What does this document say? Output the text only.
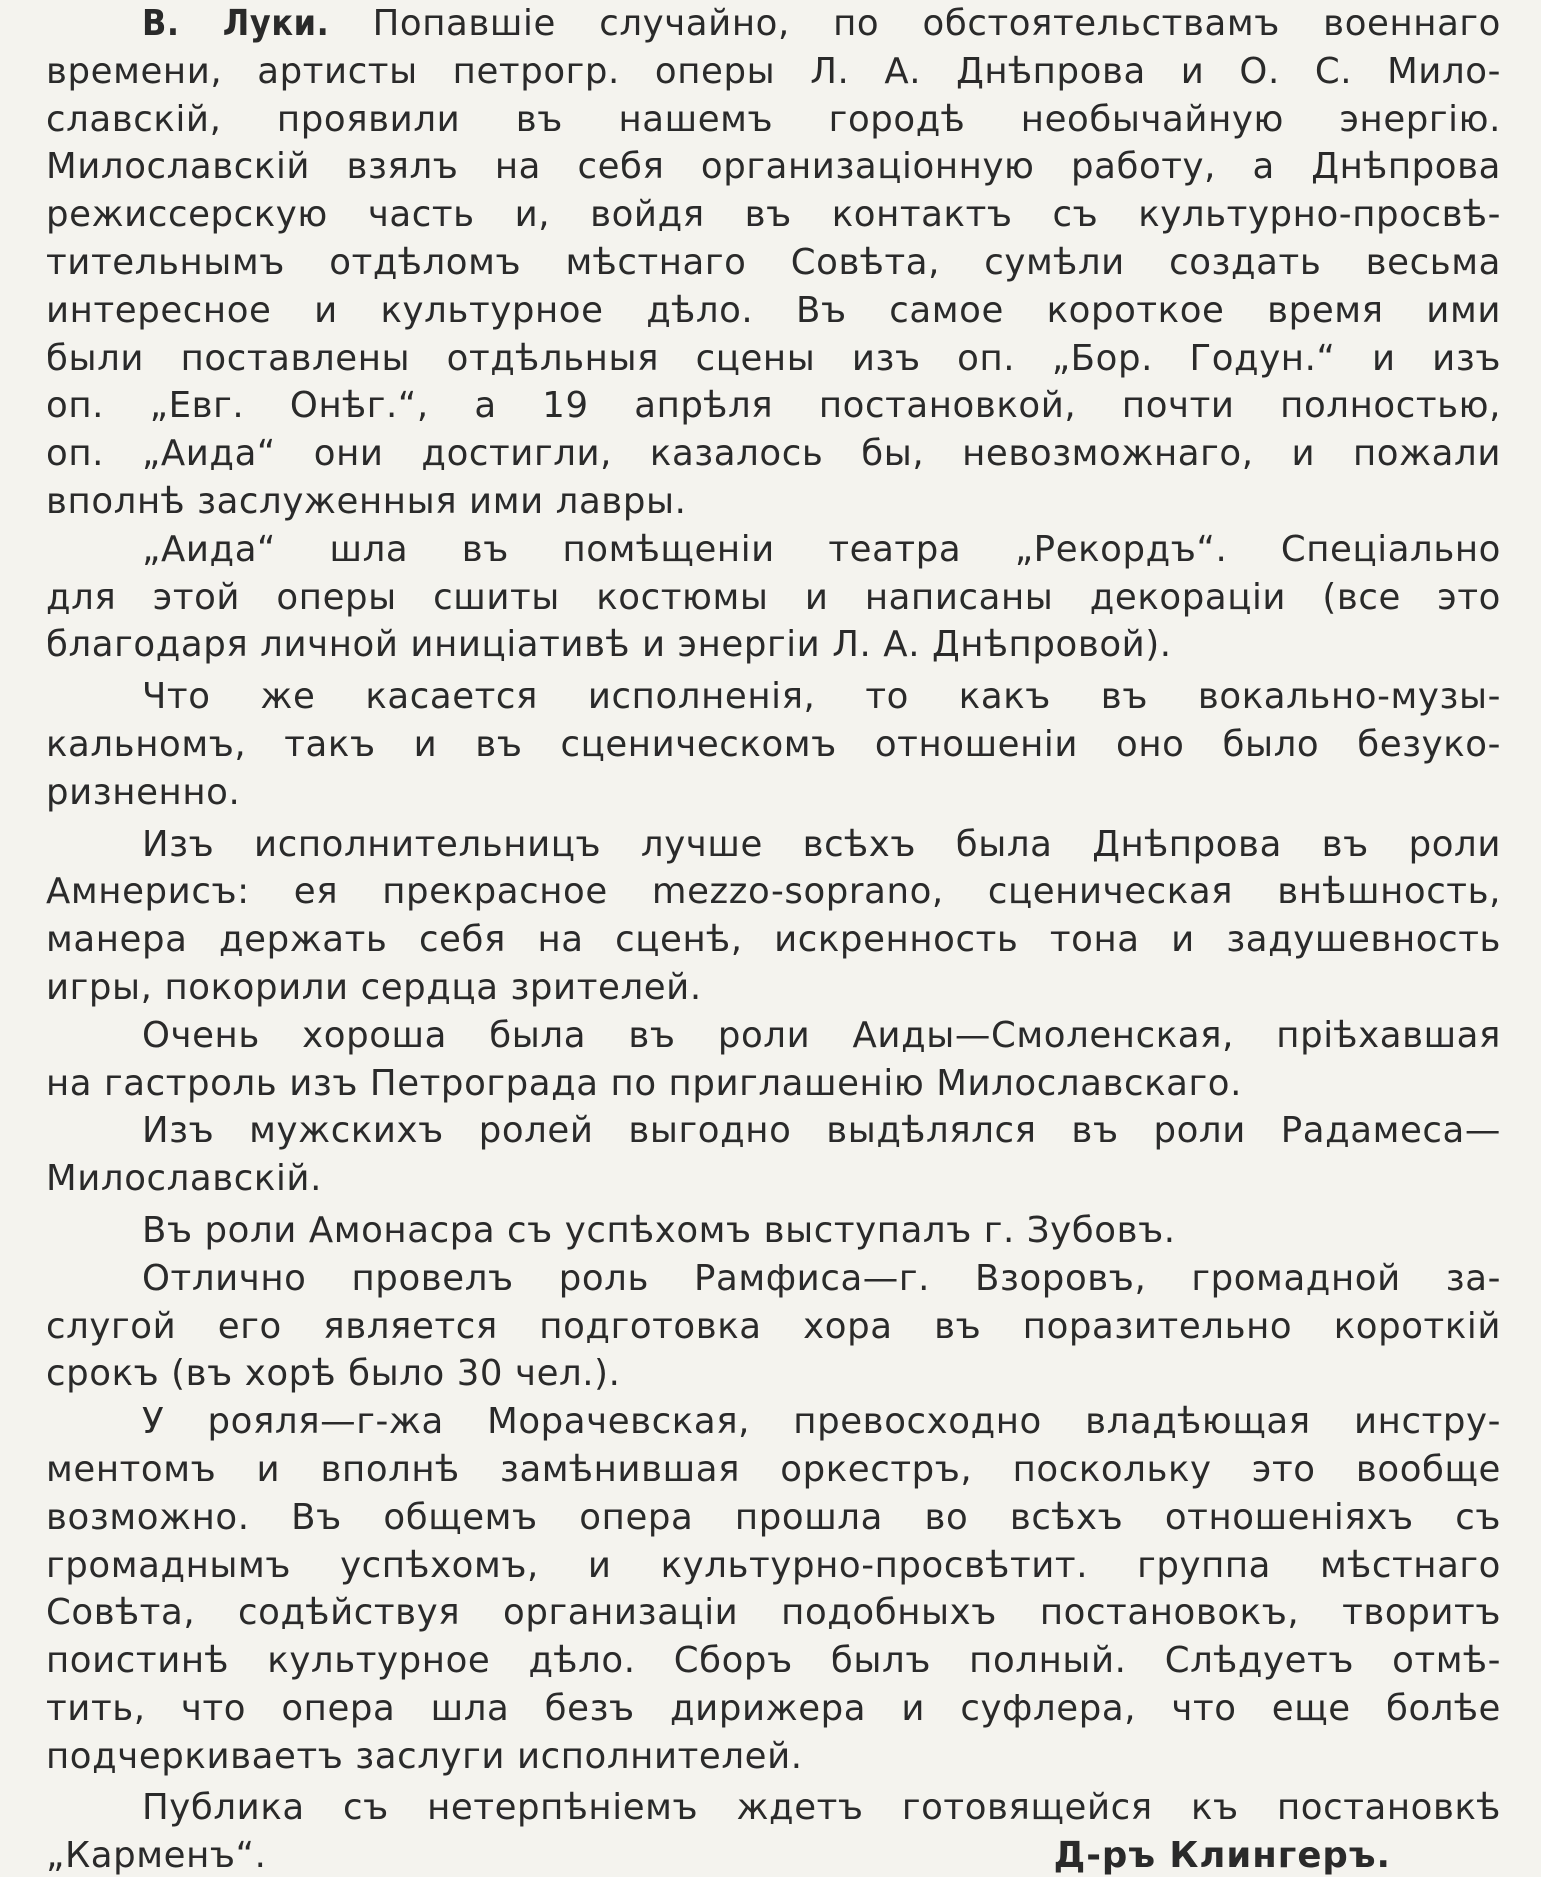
В. Луки. Попавшіе случайно, по обстоятельствамъ военнаго
времени, артисты петрогр. оперы Л. А. Днѣпрова и О. С. Мило-
славскій, проявили въ нашемъ городѣ необычайную энергію.
Милославскій взялъ на себя организаціонную работу, а Днѣпрова
режиссерскую часть и, войдя въ контактъ съ культурно-просвѣ-
тительнымъ отдѣломъ мѣстнаго Совѣта, сумѣли создать весьма
интересное и культурное дѣло. Въ самое короткое время ими
были поставлены отдѣльныя сцены изъ оп. „Бор. Годун.“ и изъ
оп. „Евг. Онѣг.“, а 19 апрѣля постановкой, почти полностью,
оп. „Аида“ они достигли, казалось бы, невозможнаго, и пожали
вполнѣ заслуженныя ими лавры.
„Аида“ шла въ помѣщеніи театра „Рекордъ“. Спеціально
для этой оперы сшиты костюмы и написаны декораціи (все это
благодаря личной иниціативѣ и энергіи Л. А. Днѣпровой).
Что же касается исполненія, то какъ въ вокально-музы-
кальномъ, такъ и въ сценическомъ отношеніи оно было безуко-
ризненно.
Изъ исполнительницъ лучше всѣхъ была Днѣпрова въ роли
Амнерисъ: ея прекрасное mezzo-soprano, сценическая внѣшность,
манера держать себя на сценѣ, искренность тона и задушевность
игры, покорили сердца зрителей.
Очень хороша была въ роли Аиды—Смоленская, пріѣхавшая
на гастроль изъ Петрограда по приглашенію Милославскаго.
Изъ мужскихъ ролей выгодно выдѣлялся въ роли Радамеса—
Милославскій.
Въ роли Амонасра съ успѣхомъ выступалъ г. Зубовъ.
Отлично провелъ роль Рамфиса—г. Взоровъ, громадной за-
слугой его является подготовка хора въ поразительно короткій
срокъ (въ хорѣ было 30 чел.).
У рояля—г-жа Морачевская, превосходно владѣющая инстру-
ментомъ и вполнѣ замѣнившая оркестръ, поскольку это вообще
возможно. Въ общемъ опера прошла во всѣхъ отношеніяхъ съ
громаднымъ успѣхомъ, и культурно-просвѣтит. группа мѣстнаго
Совѣта, содѣйствуя организаціи подобныхъ постановокъ, творитъ
поистинѣ культурное дѣло. Сборъ былъ полный. Слѣдуетъ отмѣ-
тить, что опера шла безъ дирижера и суфлера, что еще болѣе
подчеркиваетъ заслуги исполнителей.
Публика съ нетерпѣніемъ ждетъ готовящейся къ постановкѣ
„Карменъ“.	Д-ръ Клингеръ.
